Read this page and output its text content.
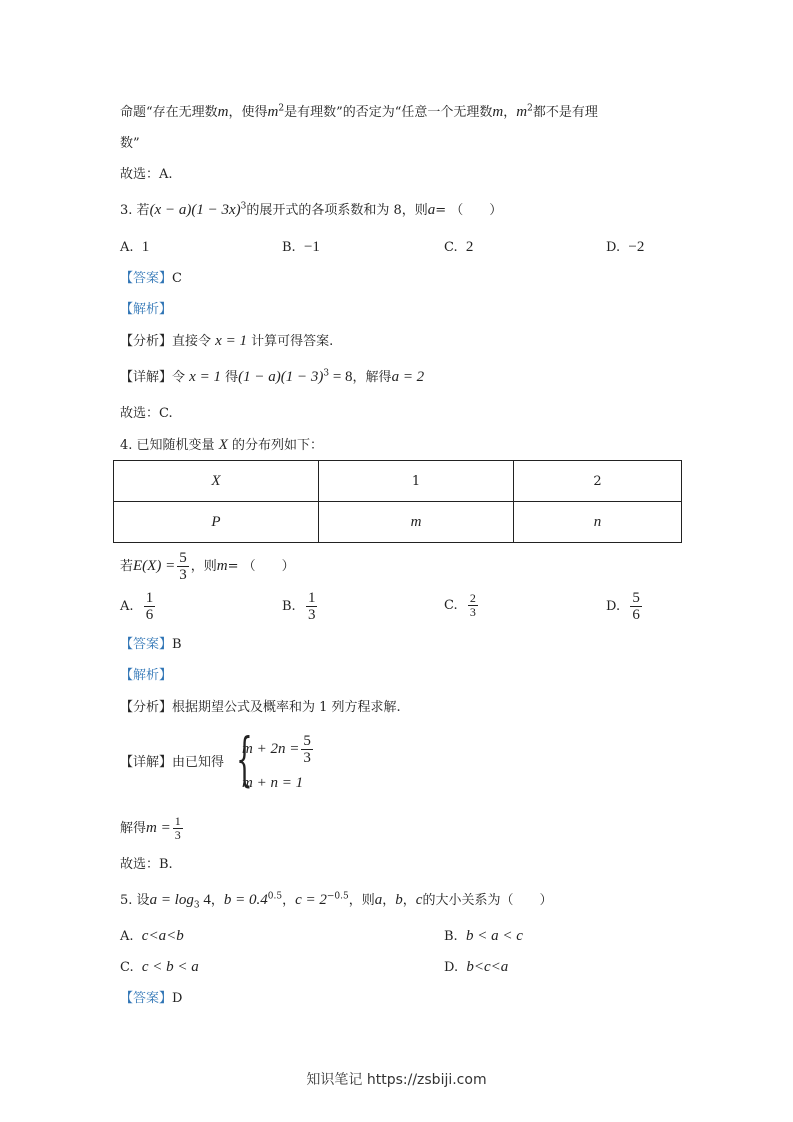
命题“存在无理数m，使得$m^2$是有理数”的否定为“任意一个无理数m，$m^2$都不是有理
数”
故选：A.
3. 若$(x - a)(1 - 3x)^3$的展开式的各项系数和为 8，则a= （　　）
A. 1	B. −1	C. 2	D. −2
【答案】C
【解析】
【分析】直接令 x = 1 计算可得答案.
【详解】令 x = 1 得$(1 - a)(1 - 3)^3 = 8$，解得a = 2
故选：C.
4. 已知随机变量 X 的分布列如下：
X	1	2
P	m	n
若$E(X) = \frac{5}{3}$ ，则m= （　　）
A. $\frac{1}{6}$	B. $\frac{1}{3}$	C. $\frac{2}{3}$	D. $\frac{5}{6}$
【答案】B
【解析】
【分析】根据期望公式及概率和为 1 列方程求解.
【详解】由已知得 {
$m + 2n = \frac{5}{3}$
m + n = 1
解得$m = \frac{1}{3}$
故选：B.
5. 设$a = \log_3 4$，$b = 0.4^{0.5}$，$c = 2^{-0.5}$，则a，b，c的大小关系为（　　）
A. c<a<b	B. b < a < c
C. c < b < a	D. b<c<a
【答案】D
知识笔记 https://zsbiji.com
